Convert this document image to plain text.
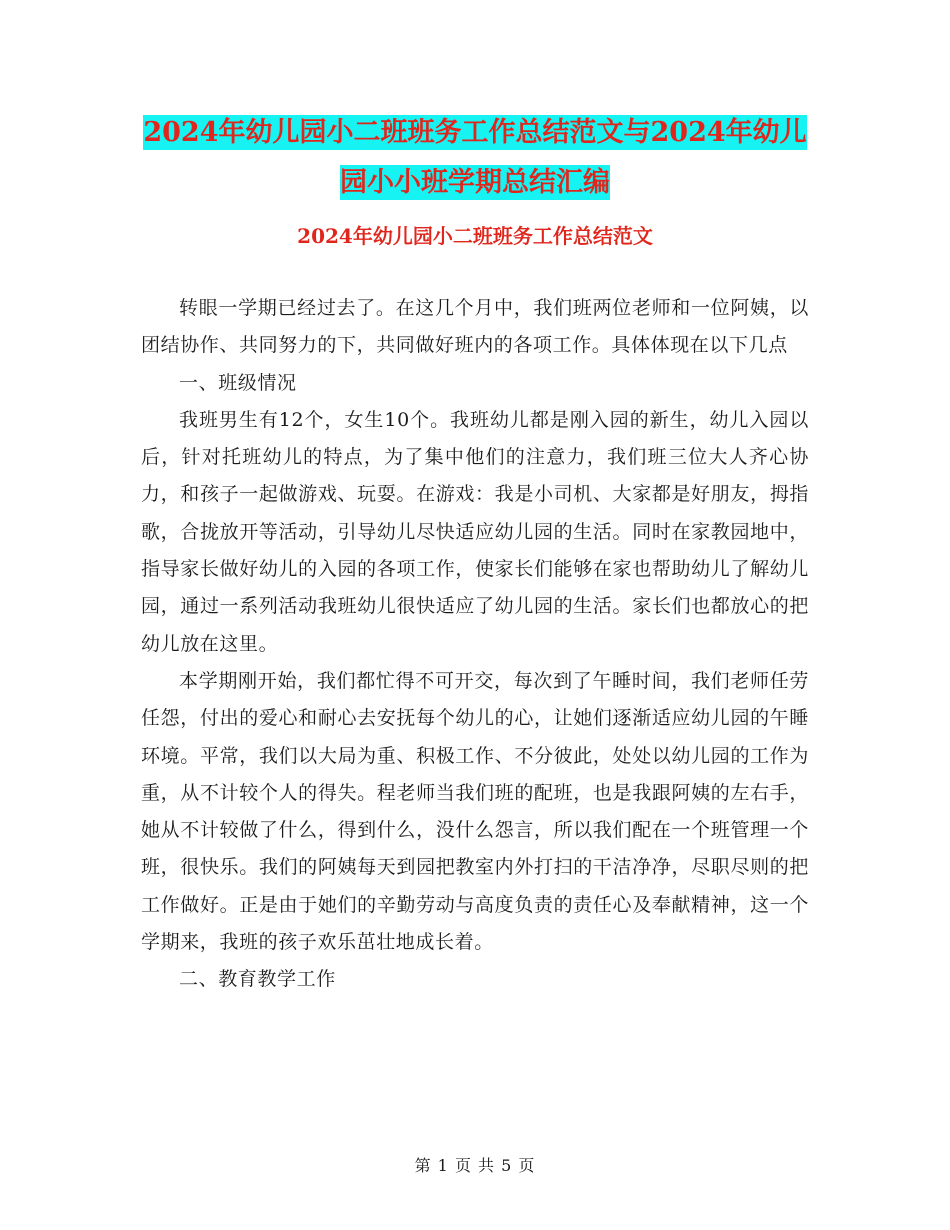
2024年幼儿园小二班班务工作总结范文与2024年幼儿
园小小班学期总结汇编
2024年幼儿园小二班班务工作总结范文

转眼一学期已经过去了。在这几个月中，我们班两位老师和一位阿姨，以团结协作、共同努力的下，共同做好班内的各项工作。具体体现在以下几点

一、班级情况

我班男生有12个，女生10个。我班幼儿都是刚入园的新生，幼儿入园以后，针对托班幼儿的特点，为了集中他们的注意力，我们班三位大人齐心协力，和孩子一起做游戏、玩耍。在游戏：我是小司机、大家都是好朋友，拇指歌，合拢放开等活动，引导幼儿尽快适应幼儿园的生活。同时在家教园地中，指导家长做好幼儿的入园的各项工作，使家长们能够在家也帮助幼儿了解幼儿园，通过一系列活动我班幼儿很快适应了幼儿园的生活。家长们也都放心的把幼儿放在这里。

本学期刚开始，我们都忙得不可开交，每次到了午睡时间，我们老师任劳任怨，付出的爱心和耐心去安抚每个幼儿的心，让她们逐渐适应幼儿园的午睡环境。平常，我们以大局为重、积极工作、不分彼此，处处以幼儿园的工作为重，从不计较个人的得失。程老师当我们班的配班，也是我跟阿姨的左右手，她从不计较做了什么，得到什么，没什么怨言，所以我们配在一个班管理一个班，很快乐。我们的阿姨每天到园把教室内外打扫的干洁净净，尽职尽则的把工作做好。正是由于她们的辛勤劳动与高度负责的责任心及奉献精神，这一个学期来，我班的孩子欢乐茁壮地成长着。

二、教育教学工作

第 1 页 共 5 页
